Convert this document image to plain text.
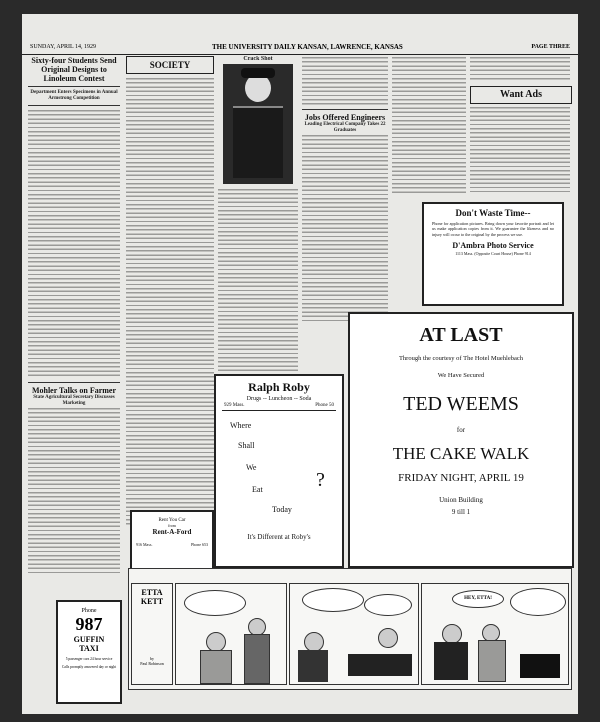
SUNDAY, APRIL 14, 1929	THE UNIVERSITY DAILY KANSAN, LAWRENCE, KANSAS	PAGE THREE
Sixty-four Students Send Original Designs to Linoleum Contest
Department Enters Specimens in Annual Armstrong Competition
Mohler Talks on Farmer
State Agricultural Secretary Discusses Marketing
SOCIETY
Crack Shot
Jobs Offered Engineers
Leading Electrical Company Takes 22 Graduates
Want Ads
Don't Waste Time--
Phone for application pictures. Bring down your favorite portrait and let us make application copies from it. We guarantee the likeness and no injury will occur to the original by the process we use.
D'Ambra Photo Service
1113 Mass. (Opposite Court House) Phone 914
Ralph Roby
Drugs -- Luncheon -- Soda
929 Mass.	Phone 50
Where
Shall
We
Eat
Today
?
It's Different at Roby's
Rent You Car
from
Rent-A-Ford
916 Mass.	Phone 653
AT LAST
Through the courtesy of The Hotel Muehlebach
We Have Secured
TED WEEMS
for
THE CAKE WALK
FRIDAY NIGHT, APRIL 19
Union Building
9 till 1
Phone
987
GUFFIN
TAXI
5 passenger cars 24 hour service
Calls promptly answered day or night
ETTA
KETT
by
Paul Robinson
HEY, ETTA!
